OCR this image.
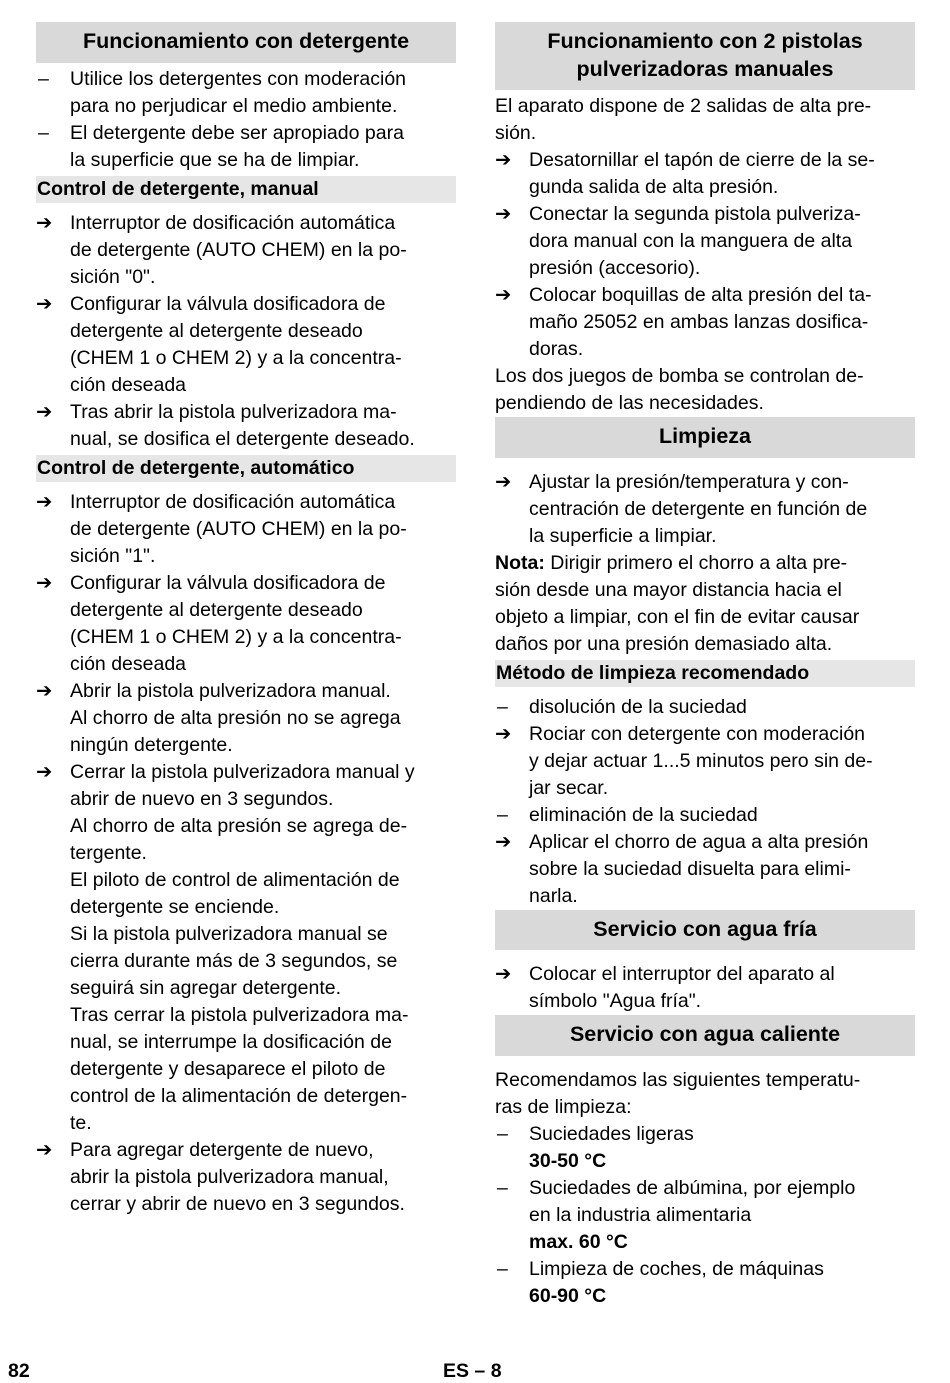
Funcionamiento con detergente
–	Utilice los detergentes con moderación
para no perjudicar el medio ambiente.
–	El detergente debe ser apropiado para
la superficie que se ha de limpiar.
Control de detergente, manual
➔ Interruptor de dosificación automática
de detergente (AUTO CHEM) en la po-
sición "0".
➔ Configurar la válvula dosificadora de
detergente al detergente deseado
(CHEM 1 o CHEM 2) y a la concentra-
ción deseada
➔ Tras abrir la pistola pulverizadora ma-
nual, se dosifica el detergente deseado.
Control de detergente, automático
➔ Interruptor de dosificación automática
de detergente (AUTO CHEM) en la po-
sición "1".
➔ Configurar la válvula dosificadora de
detergente al detergente deseado
(CHEM 1 o CHEM 2) y a la concentra-
ción deseada
➔ Abrir la pistola pulverizadora manual.
Al chorro de alta presión no se agrega
ningún detergente.
➔ Cerrar la pistola pulverizadora manual y
abrir de nuevo en 3 segundos.
Al chorro de alta presión se agrega de-
tergente.
El piloto de control de alimentación de
detergente se enciende.
Si la pistola pulverizadora manual se
cierra durante más de 3 segundos, se
seguirá sin agregar detergente.
Tras cerrar la pistola pulverizadora ma-
nual, se interrumpe la dosificación de
detergente y desaparece el piloto de
control de la alimentación de detergen-
te.
➔ Para agregar detergente de nuevo,
abrir la pistola pulverizadora manual,
cerrar y abrir de nuevo en 3 segundos.
Funcionamiento con 2 pistolas pulverizadoras manuales
El aparato dispone de 2 salidas de alta pre-
sión.
➔ Desatornillar el tapón de cierre de la se-
gunda salida de alta presión.
➔ Conectar la segunda pistola pulveriza-
dora manual con la manguera de alta
presión (accesorio).
➔ Colocar boquillas de alta presión del ta-
maño 25052 en ambas lanzas dosifica-
doras.
Los dos juegos de bomba se controlan de-
pendiendo de las necesidades.
Limpieza
➔ Ajustar la presión/temperatura y con-
centración de detergente en función de
la superficie a limpiar.
Nota: Dirigir primero el chorro a alta pre-
sión desde una mayor distancia hacia el
objeto a limpiar, con el fin de evitar causar
daños por una presión demasiado alta.
Método de limpieza recomendado
–	disolución de la suciedad
➔ Rociar con detergente con moderación
y dejar actuar 1...5 minutos pero sin de-
jar secar.
–	eliminación de la suciedad
➔ Aplicar el chorro de agua a alta presión
sobre la suciedad disuelta para elimi-
narla.
Servicio con agua fría
➔ Colocar el interruptor del aparato al
símbolo "Agua fría".
Servicio con agua caliente
Recomendamos las siguientes temperatu-
ras de limpieza:
–	Suciedades ligeras
30-50 °C
–	Suciedades de albúmina, por ejemplo
en la industria alimentaria
max. 60 °C
–	Limpieza de coches, de máquinas
60-90 °C
82	ES – 8
